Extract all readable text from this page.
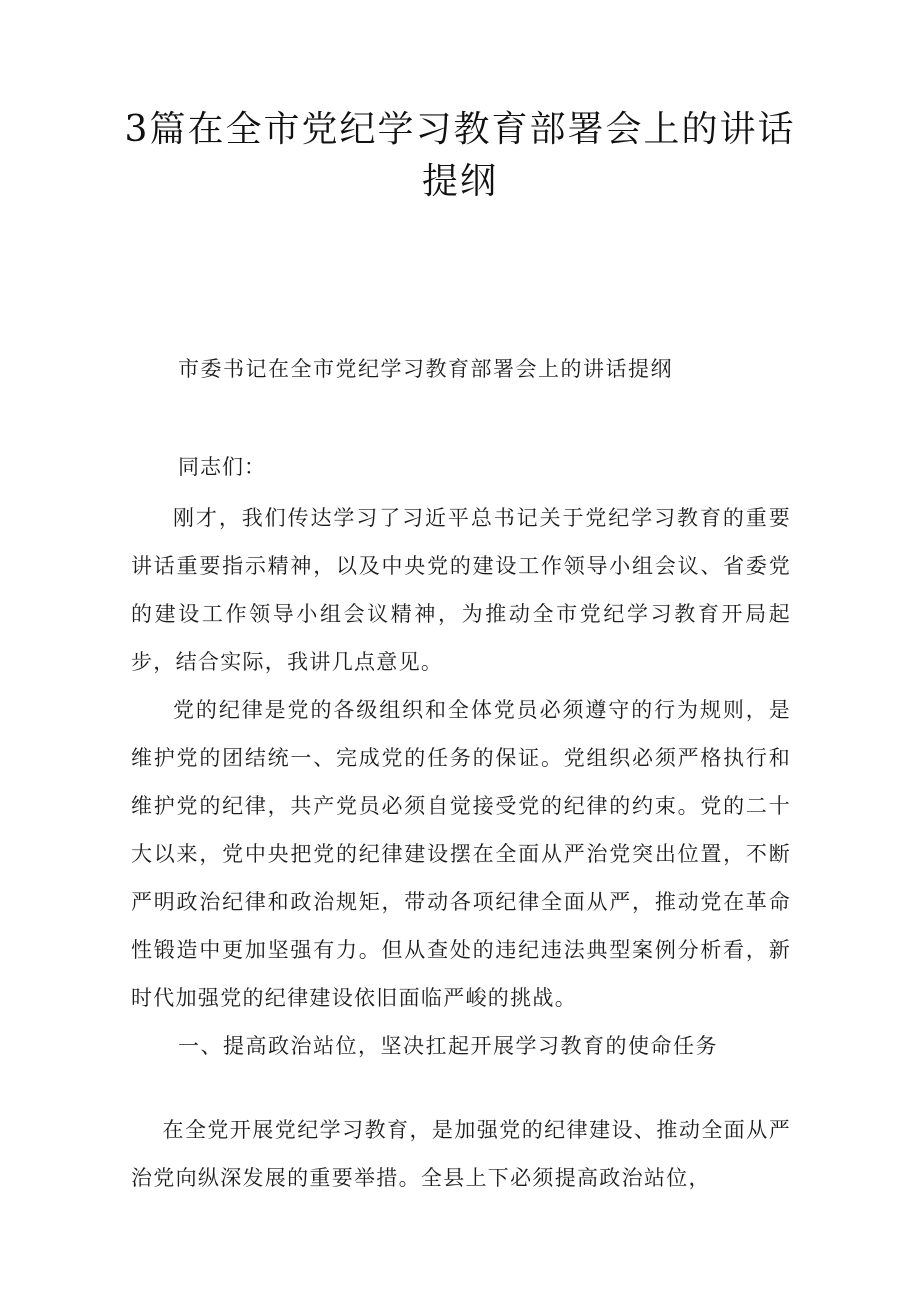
3篇在全市党纪学习教育部署会上的讲话提纲

市委书记在全市党纪学习教育部署会上的讲话提纲

同志们：

刚才，我们传达学习了习近平总书记关于党纪学习教育的重要讲话重要指示精神，以及中央党的建设工作领导小组会议、省委党的建设工作领导小组会议精神，为推动全市党纪学习教育开局起步，结合实际，我讲几点意见。

党的纪律是党的各级组织和全体党员必须遵守的行为规则，是维护党的团结统一、完成党的任务的保证。党组织必须严格执行和维护党的纪律，共产党员必须自觉接受党的纪律的约束。党的二十大以来，党中央把党的纪律建设摆在全面从严治党突出位置，不断严明政治纪律和政治规矩，带动各项纪律全面从严，推动党在革命性锻造中更加坚强有力。但从查处的违纪违法典型案例分析看，新时代加强党的纪律建设依旧面临严峻的挑战。

一、提高政治站位，坚决扛起开展学习教育的使命任务

在全党开展党纪学习教育，是加强党的纪律建设、推动全面从严治党向纵深发展的重要举措。全县上下必须提高政治站位，
